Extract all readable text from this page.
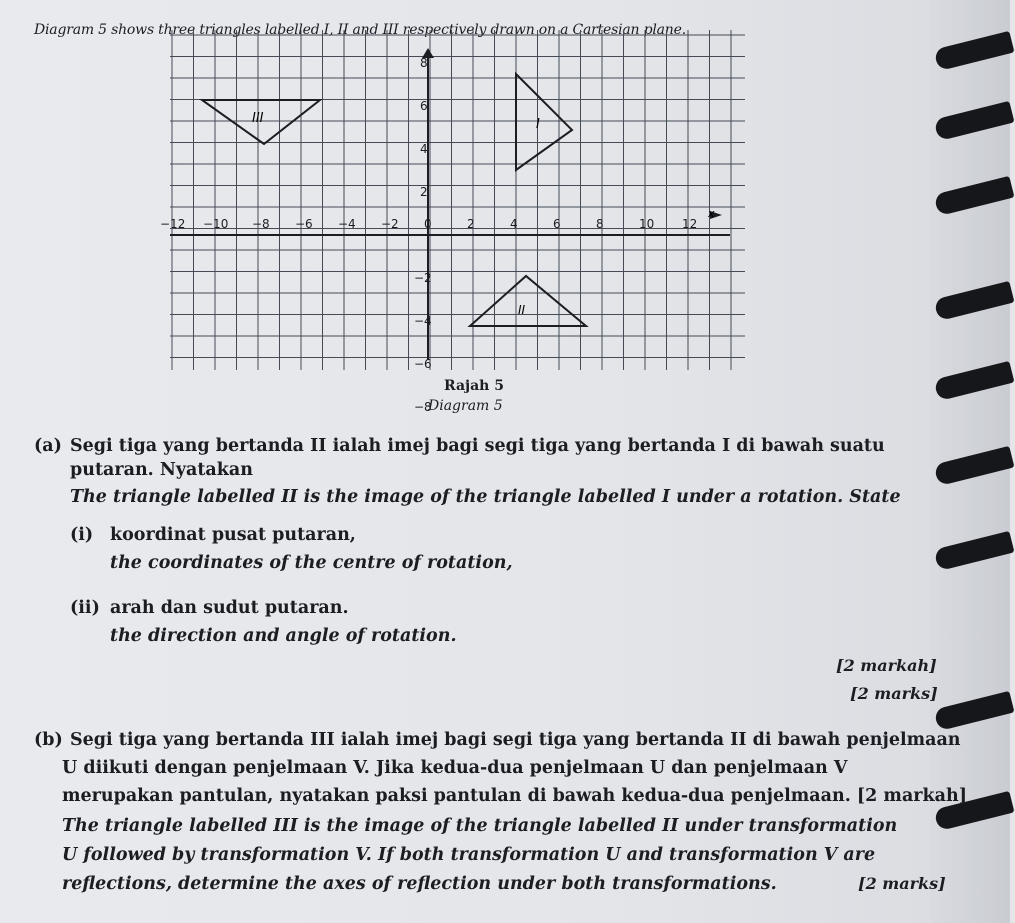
Diagram 5 shows three triangles labelled I, II and III respectively drawn on a Cartesian plane.
x
III	I
II
−12 −10 −8 −6 −4 −2 0	2	4	6	8	10 12
8
6
4
2
−2
−4
−6
−8
Rajah 5
Diagram 5
(a) Segi tiga yang bertanda II ialah imej bagi segi tiga yang bertanda I di bawah suatu
putaran. Nyatakan
The triangle labelled II is the image of the triangle labelled I under a rotation. State
(i) koordinat pusat putaran,
the coordinates of the centre of rotation,
(ii) arah dan sudut putaran.
the direction and angle of rotation.
[2 markah]
[2 marks]
(b) Segi tiga yang bertanda III ialah imej bagi segi tiga yang bertanda II di bawah penjelmaan
U diikuti dengan penjelmaan V. Jika kedua-dua penjelmaan U dan penjelmaan V
merupakan pantulan, nyatakan paksi pantulan di bawah kedua-dua penjelmaan. [2 markah]
The triangle labelled III is the image of the triangle labelled II under transformation
U followed by transformation V. If both transformation U and transformation V are
reflections, determine the axes of reflection under both transformations.	[2 marks]
